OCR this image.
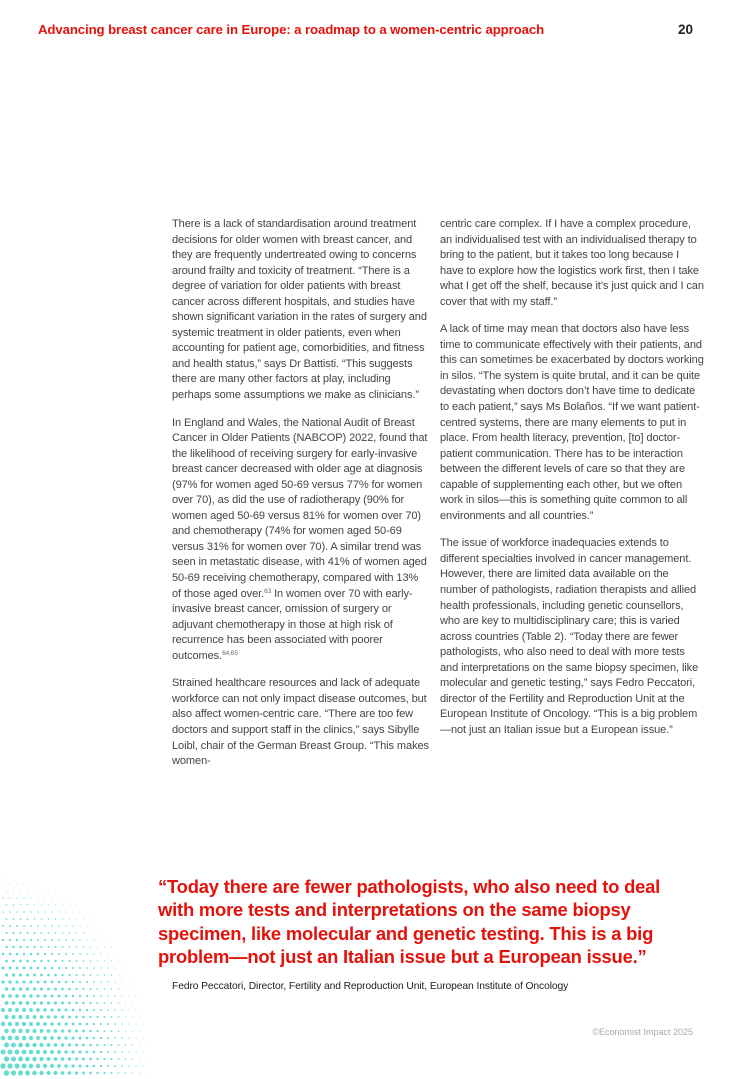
Advancing breast cancer care in Europe: a roadmap to a women-centric approach	20

There is a lack of standardisation around treatment decisions for older women with breast cancer, and they are frequently undertreated owing to concerns around frailty and toxicity of treatment. “There is a degree of variation for older patients with breast cancer across different hospitals, and studies have shown significant variation in the rates of surgery and systemic treatment in older patients, even when accounting for patient age, comorbidities, and fitness and health status,” says Dr Battisti. “This suggests there are many other factors at play, including perhaps some assumptions we make as clinicians.”

In England and Wales, the National Audit of Breast Cancer in Older Patients (NABCOP) 2022, found that the likelihood of receiving surgery for early-invasive breast cancer decreased with older age at diagnosis (97% for women aged 50-69 versus 77% for women over 70), as did the use of radiotherapy (90% for women aged 50-69 versus 81% for women over 70) and chemotherapy (74% for women aged 50-69 versus 31% for women over 70). A similar trend was seen in metastatic disease, with 41% of women aged 50-69 receiving chemotherapy, compared with 13% of those aged over.$^{63}$ In women over 70 with early-invasive breast cancer, omission of surgery or adjuvant chemotherapy in those at high risk of recurrence has been associated with poorer outcomes.$^{64,65}$

Strained healthcare resources and lack of adequate workforce can not only impact disease outcomes, but also affect women-centric care. “There are too few doctors and support staff in the clinics,” says Sibylle Loibl, chair of the German Breast Group. “This makes women-

centric care complex. If I have a complex procedure, an individualised test with an individualised therapy to bring to the patient, but it takes too long because I have to explore how the logistics work first, then I take what I get off the shelf, because it’s just quick and I can cover that with my staff.”

A lack of time may mean that doctors also have less time to communicate effectively with their patients, and this can sometimes be exacerbated by doctors working in silos. “The system is quite brutal, and it can be quite devastating when doctors don’t have time to dedicate to each patient,” says Ms Bolaños. “If we want patient-centred systems, there are many elements to put in place. From health literacy, prevention, [to] doctor-patient communication. There has to be interaction between the different levels of care so that they are capable of supplementing each other, but we often work in silos—this is something quite common to all environments and all countries.”

The issue of workforce inadequacies extends to different specialties involved in cancer management. However, there are limited data available on the number of pathologists, radiation therapists and allied health professionals, including genetic counsellors, who are key to multidisciplinary care; this is varied across countries (Table 2). “Today there are fewer pathologists, who also need to deal with more tests and interpretations on the same biopsy specimen, like molecular and genetic testing,” says Fedro Peccatori, director of the Fertility and Reproduction Unit at the European Institute of Oncology. “This is a big problem—not just an Italian issue but a European issue.”

“Today there are fewer pathologists, who also need to deal with more tests and interpretations on the same biopsy specimen, like molecular and genetic testing. This is a big problem—not just an Italian issue but a European issue.”
Fedro Peccatori, Director, Fertility and Reproduction Unit, European Institute of Oncology
©Economist Impact 2025
